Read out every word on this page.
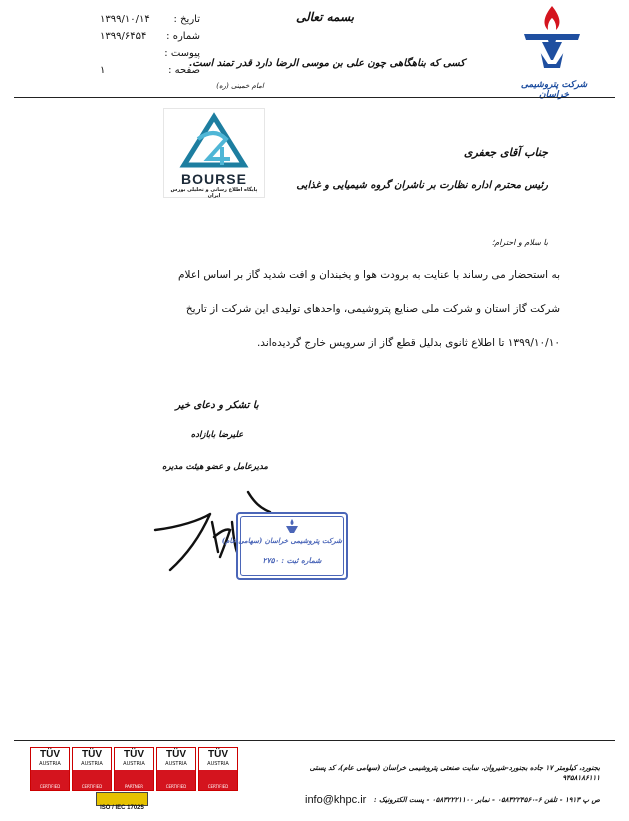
۱۳۹۹/۱۰/۱۴	تاریخ :
۱۳۹۹/۶۴۵۴	شماره :
پیوست :
۱	صفحه :
بسمه تعالی
کسی که بناهگاهی چون علی بن موسی الرضا دارد قدر تمند است.
امام خمینی (ره)	شرکت پتروشیمی خراسان
BOURSE
پایگاه اطلاع رسانی و تحلیلی بورس ایران
جناب آقای جعفری
رئیس محترم اداره نظارت بر ناشران گروه شیمیایی و غذایی
با سلام و احترام؛

به استحضار می رساند با عنایت به برودت هوا و یخبندان و افت شدید گاز بر اساس اعلام

شرکت گاز استان و شرکت ملی صنایع پتروشیمی، واحدهای تولیدی این شرکت از تاریخ

۱۳۹۹/۱۰/۱۰ تا اطلاع ثانوی بدلیل قطع گاز از سرویس خارج گردیده‌اند.

با تشکر و دعای خیر
علیرضا بابازاده
مدیرعامل و عضو هیئت مدیره
شرکت پتروشیمی خراسان (سهامی عام)
شماره ثبت : ۲۷۵۰
TÜV
AUSTRIA
CERTIFIED
TÜV
AUSTRIA
CERTIFIED
TÜV
AUSTRIA
PARTNER
TÜV
AUSTRIA
CERTIFIED
TÜV
AUSTRIA
CERTIFIED
ISO / IEC 17025
بجنورد، کیلومتر ۱۷ جاده بجنورد-شیروان، سایت صنعتی پتروشیمی خراسان (سهامی عام)، کد پستی ۹۴۵۸۱۸۶۱۱۱
ص پ ۱۹۱۳ - تلفن ۶-۰۵۸۳۲۲۴۵۶۰ - نمابر ۰۵۸۳۲۲۲۱۱۰۰ - پست الکترونیک :
info@khpc.ir
